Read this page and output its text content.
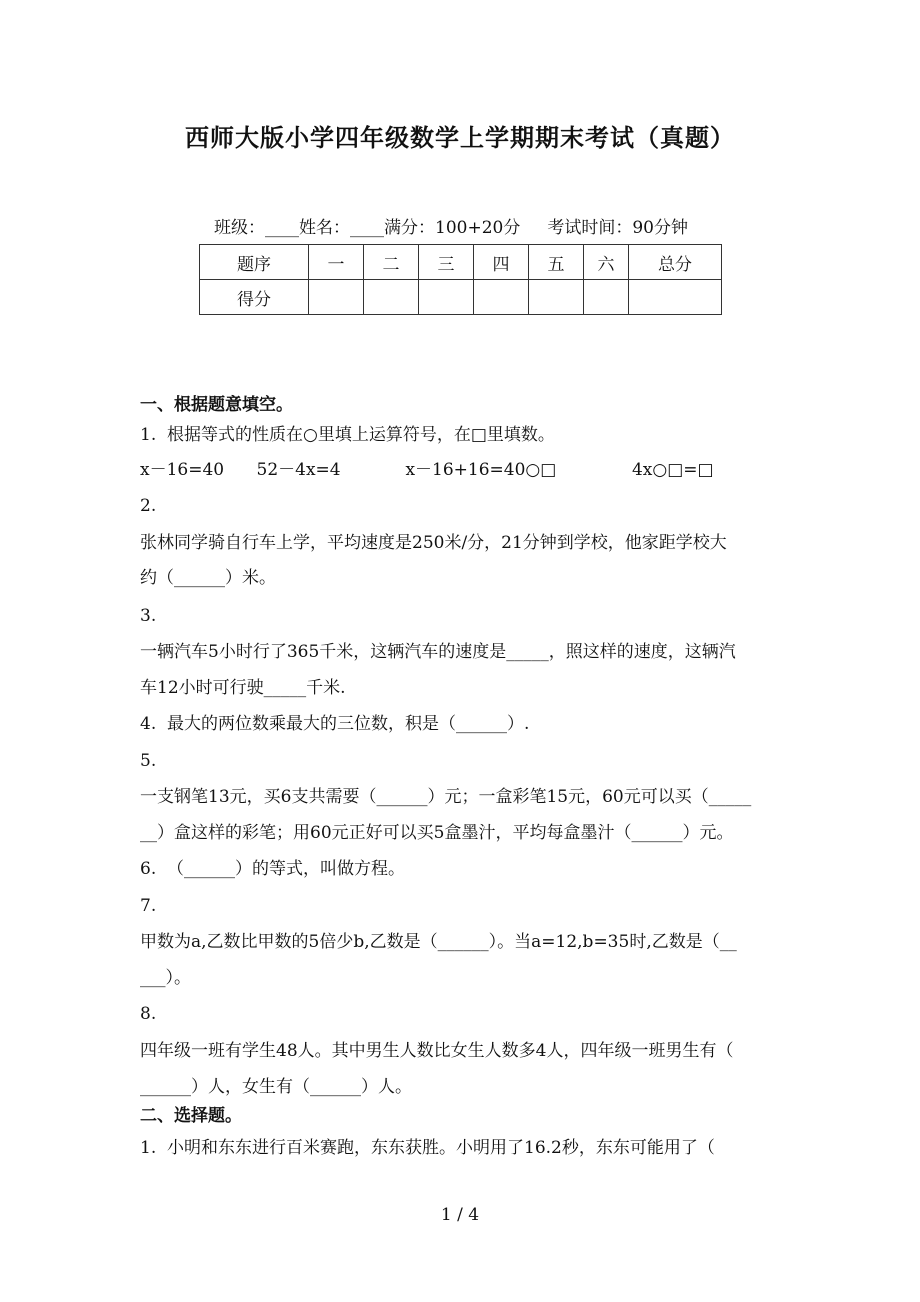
西师大版小学四年级数学上学期期末考试（真题）
班级：____姓名：____满分：100+20分     考试时间：90分钟
题序	一	二	三	四	五	六	总分
得分							
一、根据题意填空。
1.  根据等式的性质在○里填上运算符号，在□里填数。
x－16=40      52－4x=4            x－16+16=40○□              4x○□=□
2.
张林同学骑自行车上学，平均速度是250米/分，21分钟到学校，他家距学校大
约（______）米。
3.
一辆汽车5小时行了365千米，这辆汽车的速度是_____，照这样的速度，这辆汽
车12小时可行驶_____千米.
4.  最大的两位数乘最大的三位数，积是（______）.
5.
一支钢笔13元，买6支共需要（______）元；一盒彩笔15元，60元可以买（_____
__）盒这样的彩笔；用60元正好可以买5盒墨汁，平均每盒墨汁（______）元。
6.  （______）的等式，叫做方程。
7.
甲数为a,乙数比甲数的5倍少b,乙数是（______）。当a=12,b=35时,乙数是（__
___）。
8.
四年级一班有学生48人。其中男生人数比女生人数多4人，四年级一班男生有（
______）人，女生有（______）人。
二、选择题。
1.  小明和东东进行百米赛跑，东东获胜。小明用了16.2秒，东东可能用了（
1 / 4
